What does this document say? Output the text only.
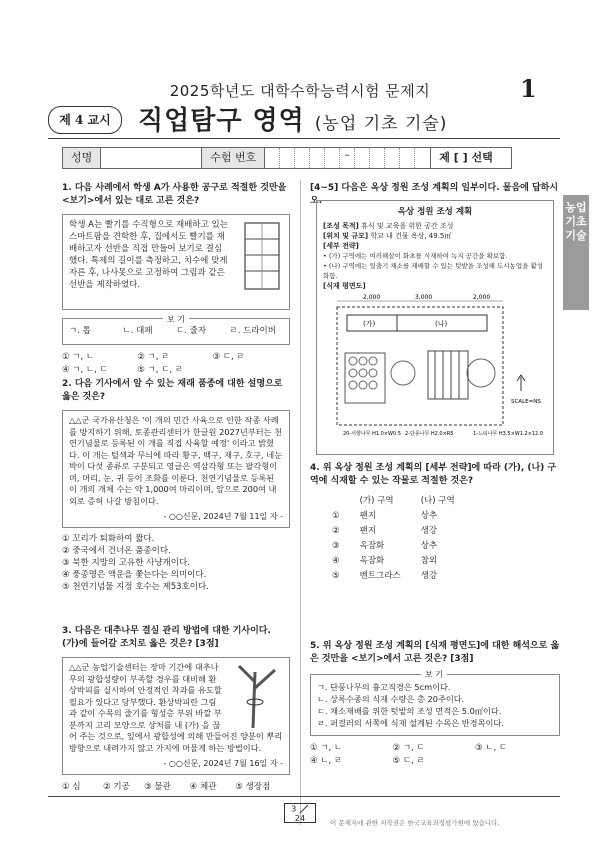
2025학년도 대학수학능력시험 문제지	1
제 4 교시	직업탐구 영역 (농업 기초 기술)
성명	수험 번호	–	제 [ ] 선택
농업 기초 기술
1. 다음 사례에서 학생 A가 사용한 공구로 적절한 것만을 <보기>에서 있는 대로 고른 것은?
학생 A는 빨기를 수직형으로 재배하고 있는 스마트팜을 견학한 후, 집에서도 빨기를 재배하고자 선반을 직접 만들어 보기로 결심했다. 톡제의 길이를 측정하고, 치수에 맞게 자른 후, 나사못으로 고정하여 그림과 같은 선반을 제작하였다.
보 기
ㄱ. 톱	ㄴ. 대패	ㄷ. 줄자	ㄹ. 드라이버
① ㄱ, ㄴ	② ㄱ, ㄹ	③ ㄷ, ㄹ
④ ㄱ, ㄴ, ㄷ	⑤ ㄱ, ㄷ, ㄹ
2. 다음 기사에서 알 수 있는 재래 품종에 대한 설명으로 옳은 것은?
△△군 국가유산청은 '이 개의 민간 사육으로 인한 작종 사례를 방지하기 위해, 토종관리센터가 한글원 2027년부터는 천연기념물로 등록된 이 개를 직접 사육할 예정' 이라고 밝혔다. 이 개는 털색과 무늬에 따라 황구, 백구, 재구, 호구, 네눈박이 다섯 종류로 구분되고 영글은 역삼각형 또는 팔각형이며, 머리, 눈, 귀 등이 조화를 이룬다. 천연기념물로 등록된 이 개의 개체 수는 약 1,000여 마리이며, 앞으로 200여 내외로 증허 나갈 방침이다.
- ○○신문, 2024년 7월 11일 자 -
① 꼬리가 퇴화하여 짧다.
② 중국에서 건너온 품종이다.
③ 북한 지방의 고유한 사냥개이다.
④ 풍종명은 액운을 쫓는다는 의미이다.
⑤ 천연기념물 지정 호수는 제53호이다.
3. 다음은 대추나무 결실 관리 방법에 대한 기사이다. (가)에 들어갈 조치로 옳은 것은? [3점]
△△군 농업기술센터는 장마 기간에 대추나무의 광합성량이 부족할 경우를 대비해 환상박피를 실시하여 안정적인 착과를 유도할 필요가 있다고 당부했다. 환상박피란 그림과 같이 수목의 줄기를 형성층 부위 바깥 부분까지 고리 모양으로 상처를 내 (가) 을 끊어 주는 것으로, 잎에서 광합성에 의해 만들어진 양분이 뿌리 방향으로 내려가지 않고 가지에 머물게 하는 방법이다.
- ○○신문, 2024년 7월 16일 자 -
① 심	② 기공	③ 물관	④ 체관	⑤ 생장점
[4~5] 다음은 옥상 정원 조성 계획의 일부이다. 물음에 답하시오.
옥상 정원 조성 계획
[조성 목적] 휴식 및 교육을 위한 공간 조성
[위치 및 규모] 학교 내 건물 옥상, 49.5㎡
[세부 전략]
• (가) 구역에는 여러해살이 화초를 식재하여 녹지 공간을 확보함.
• (나) 구역에는 일출기 채소를 재배할 수 있는 텃밭을 조성해 도시농업을 활성화함.
[식재 평면도]
2,000	3,000	2,000
(가)	(나)
SCALE=NS
20-서향나무 H1.0×W0.5 2-단풍나무 H2.0×R5	1-느티나무 H3.5×W1.2×12.0
4. 위 옥상 정원 조성 계획의 [세부 전략]에 따라 (가), (나) 구역에 식재할 수 있는 작물로 적절한 것은?
	(가) 구역	(나) 구역
①	팬지	상추
②	팬지	생강
③	옥잠화	상추
④	옥잠화	참외
⑤	벤트그라스	생강
5. 위 옥상 정원 조성 계획의 [식재 평면도]에 대한 해석으로 옳은 것만을 <보기>에서 고른 것은? [3점]
보 기
ㄱ. 단풍나무의 흉고직경은 5cm이다.
ㄴ. 상록수종의 식재 수량은 총 20주이다.
ㄷ. 채소재배를 위한 텃밭의 조성 면적은 5.0㎡이다.
ㄹ. 퍼걸러의 서쪽에 식재 설계된 수목은 반경목이다.
① ㄱ, ㄴ	② ㄱ, ㄷ	③ ㄴ, ㄷ
④ ㄴ, ㄹ	⑤ ㄷ, ㄹ
3  24	이 문제지에 관한 저작권은 한국교육과정평가원에 있습니다.
